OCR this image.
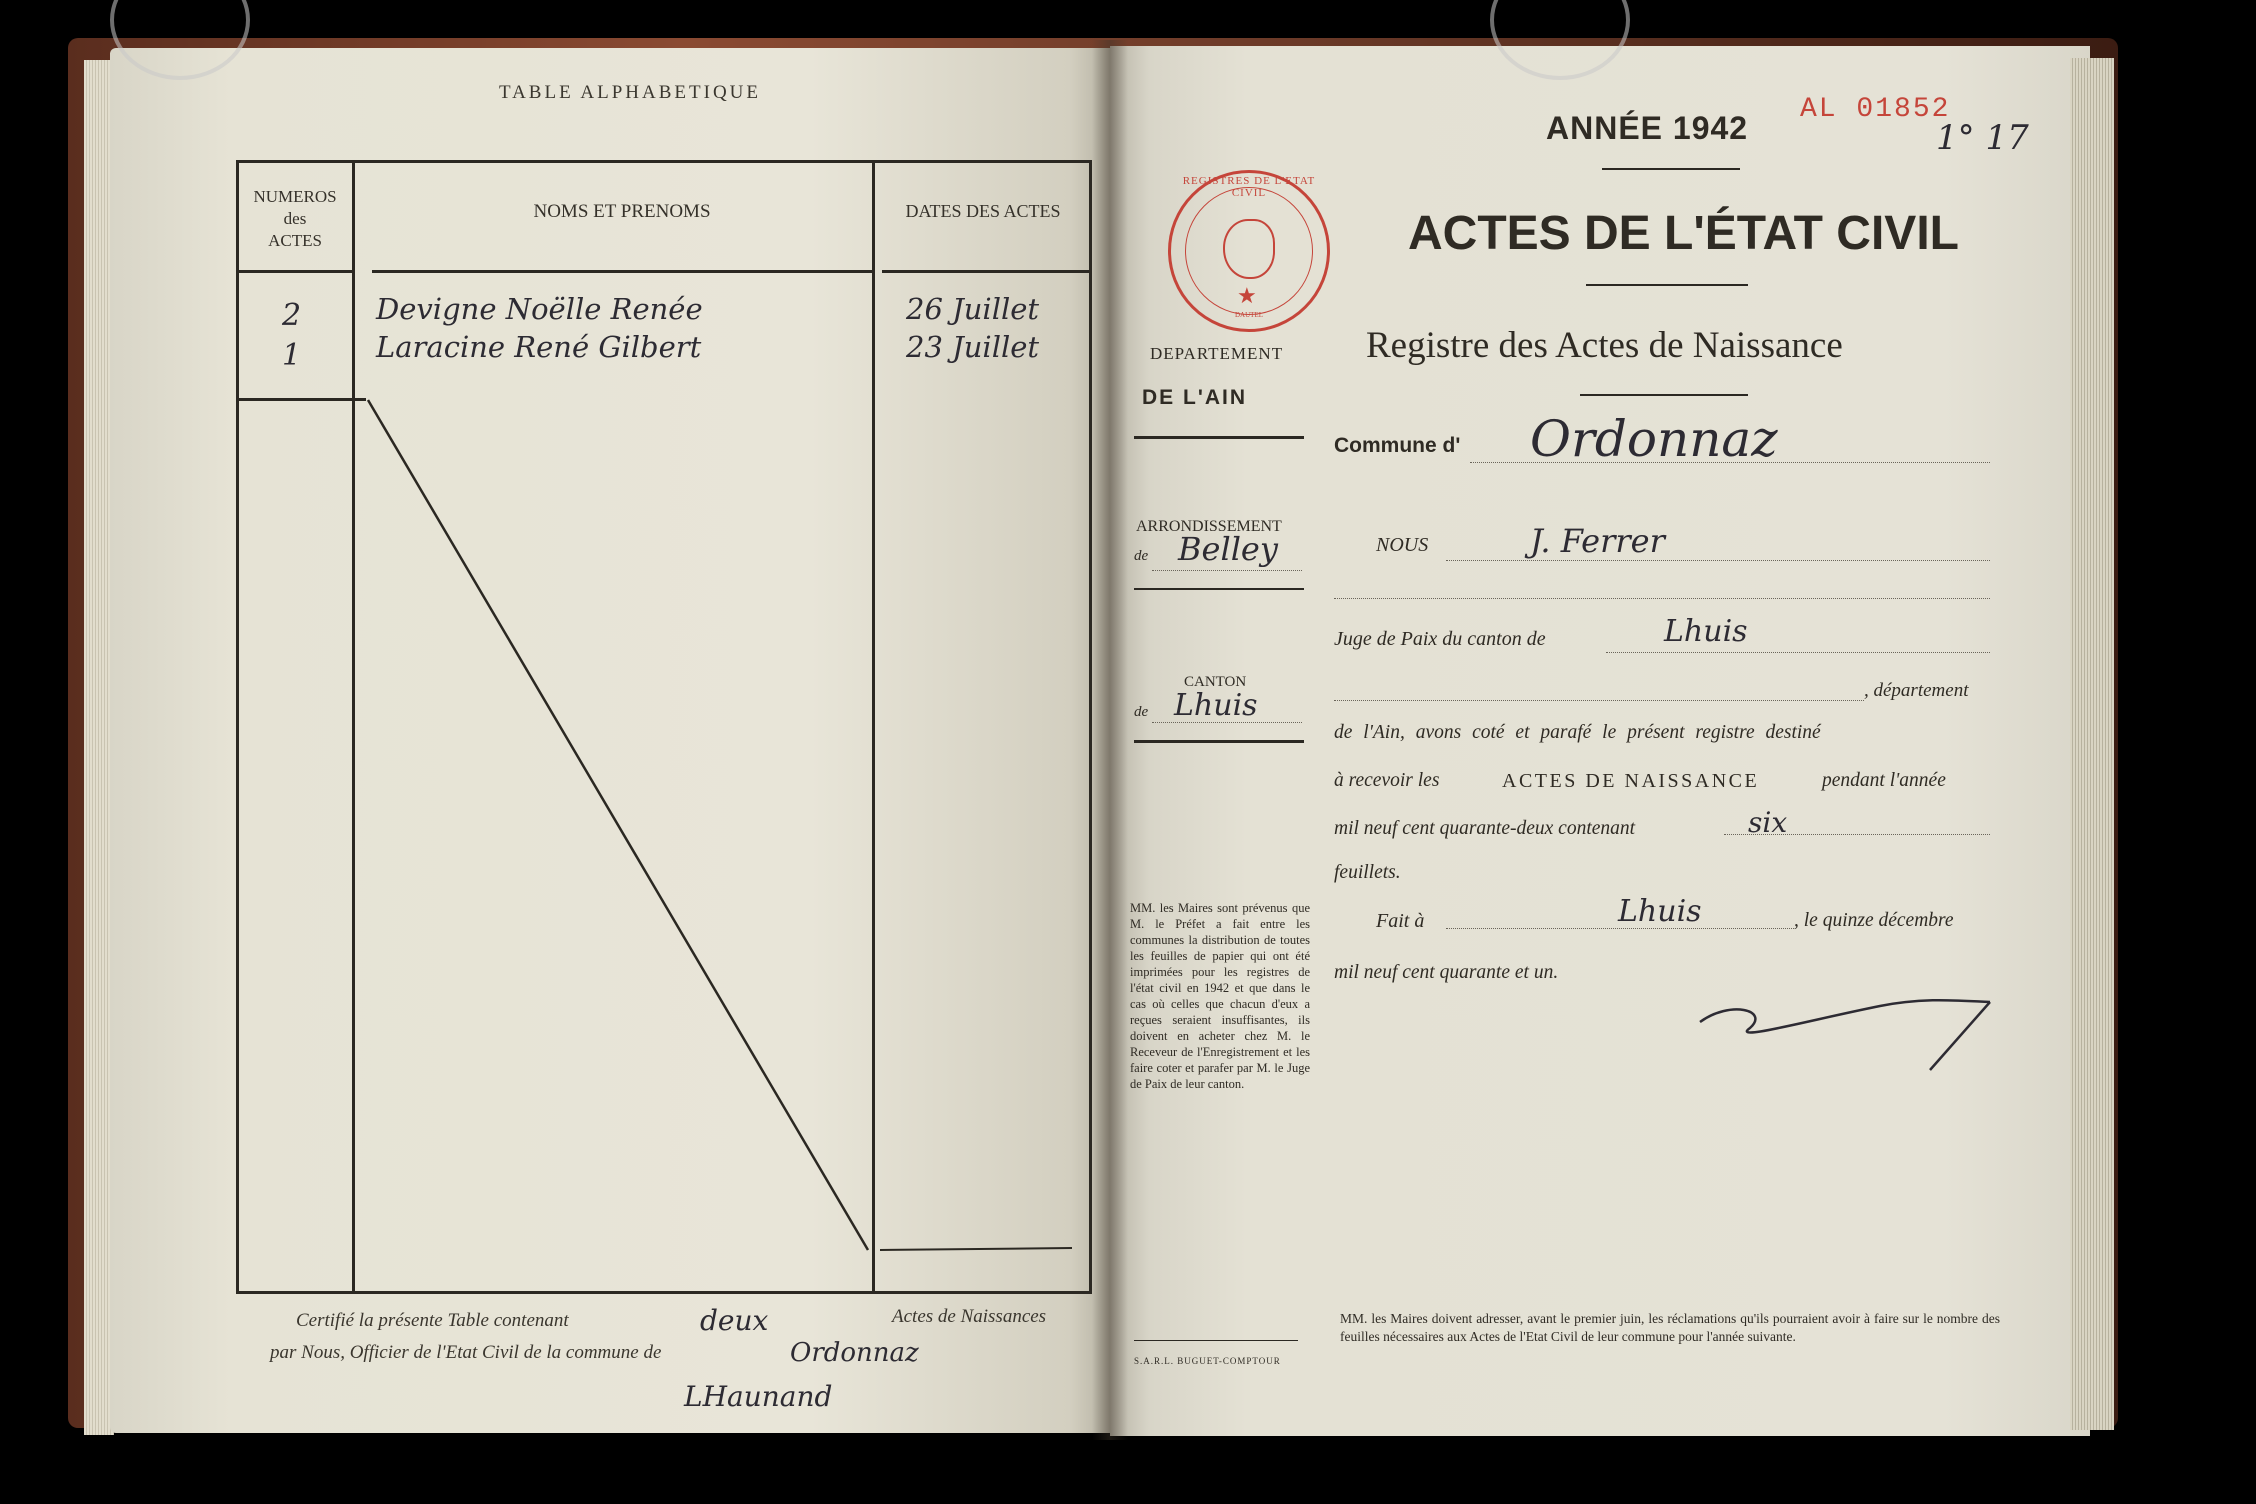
TABLE ALPHABETIQUE
NUMEROS
des
ACTES
NOMS ET PRENOMS	DATES DES ACTES
2	Devigne Noëlle Renée	26 Juillet
1	Laracine René Gilbert	23 Juillet
Certifié la présente Table contenant	deux	Actes de Naissances
par Nous, Officier de l'Etat Civil de la commune de	Ordonnaz
LHaunand
AL 01852
1° 17
ANNÉE 1942
ACTES DE L'ÉTAT CIVIL
Registre des Actes de Naissance
REGISTRES DE L'ETAT CIVIL
★
DAUTEL
DEPARTEMENT
DE L'AIN
ARRONDISSEMENT
de Belley
CANTON
de Lhuis
Commune d' Ordonnaz
NOUS	J. Ferrer
Juge de Paix du canton de	Lhuis
, département
de l'Ain, avons coté et parafé le présent registre destiné
à recevoir les	ACTES DE NAISSANCE	pendant l'année
mil neuf cent quarante-deux contenant	six
feuillets.
Fait à	Lhuis	, le quinze décembre
mil neuf cent quarante et un.
MM. les Maires sont prévenus que M. le Préfet a fait entre les communes la distribution de toutes les feuilles de papier qui ont été imprimées pour les registres de l'état civil en 1942 et que dans le cas où celles que chacun d'eux a reçues seraient insuffisantes, ils doivent en acheter chez M. le Receveur de l'Enregistrement et les faire coter et parafer par M. le Juge de Paix de leur canton.
S.A.R.L. BUGUET-COMPTOUR
MM. les Maires doivent adresser, avant le premier juin, les réclamations qu'ils pourraient avoir à faire sur le nombre des feuilles nécessaires aux Actes de l'Etat Civil de leur commune pour l'année suivante.
